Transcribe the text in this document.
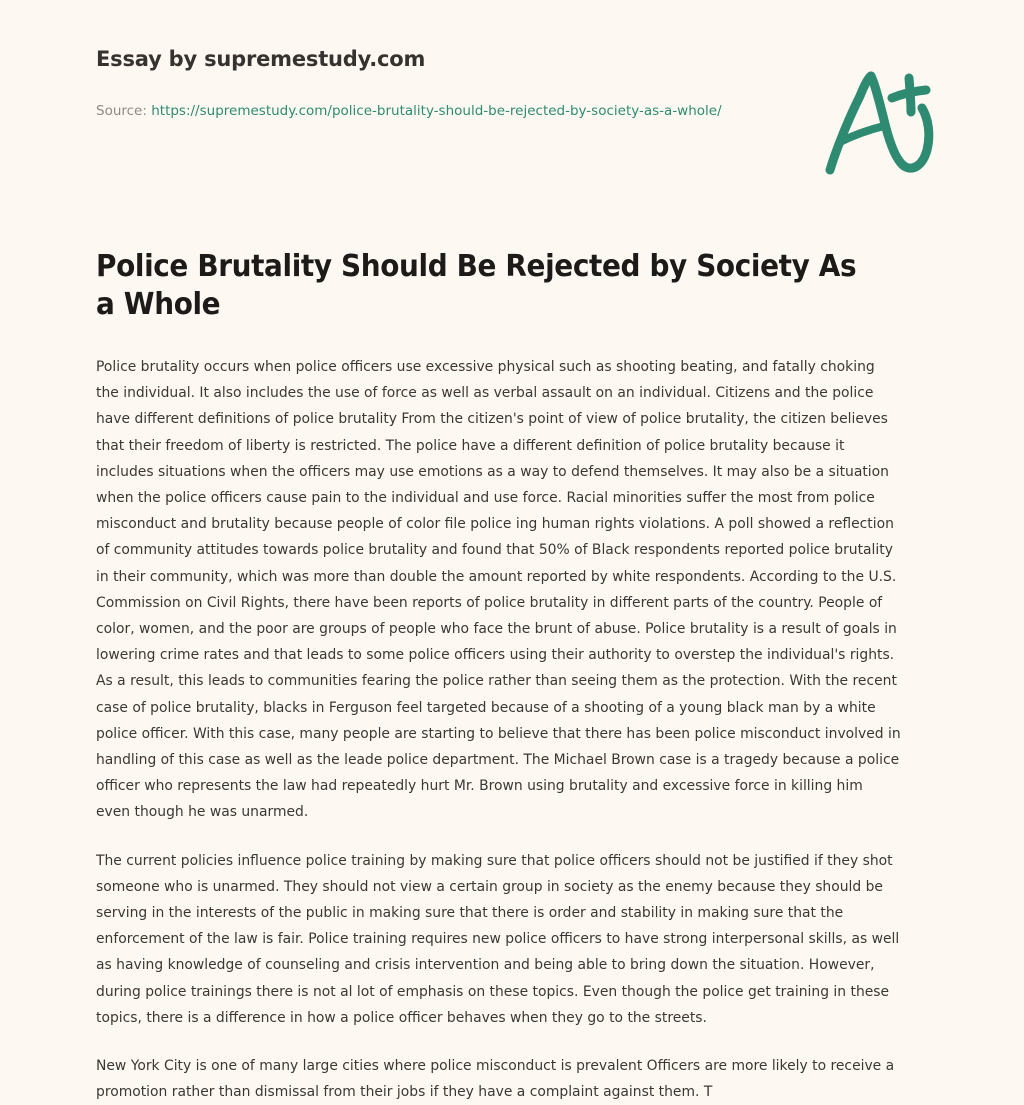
Essay by supremestudy.com
Source: https://supremestudy.com/police-brutality-should-be-rejected-by-society-as-a-whole/
Police Brutality Should Be Rejected by Society As a Whole

Police brutality occurs when police officers use excessive physical such as shooting beating, and fatally choking the individual. It also includes the use of force as well as verbal assault on an individual. Citizens and the police have different definitions of police brutality From the citizen's point of view of police brutality, the citizen believes that their freedom of liberty is restricted. The police have a different definition of police brutality because it includes situations when the officers may use emotions as a way to defend themselves. It may also be a situation when the police officers cause pain to the individual and use force. Racial minorities suffer the most from police misconduct and brutality because people of color file police ing human rights violations. A poll showed a reflection of community attitudes towards police brutality and found that 50% of Black respondents reported police brutality in their community, which was more than double the amount reported by white respondents. According to the U.S. Commission on Civil Rights, there have been reports of police brutality in different parts of the country. People of color, women, and the poor are groups of people who face the brunt of abuse. Police brutality is a result of goals in lowering crime rates and that leads to some police officers using their authority to overstep the individual's rights. As a result, this leads to communities fearing the police rather than seeing them as the protection. With the recent case of police brutality, blacks in Ferguson feel targeted because of a shooting of a young black man by a white police officer. With this case, many people are starting to believe that there has been police misconduct involved in handling of this case as well as the leade police department. The Michael Brown case is a tragedy because a police officer who represents the law had repeatedly hurt Mr. Brown using brutality and excessive force in killing him even though he was unarmed.

The current policies influence police training by making sure that police officers should not be justified if they shot someone who is unarmed. They should not view a certain group in society as the enemy because they should be serving in the interests of the public in making sure that there is order and stability in making sure that the enforcement of the law is fair. Police training requires new police officers to have strong interpersonal skills, as well as having knowledge of counseling and crisis intervention and being able to bring down the situation. However, during police trainings there is not al lot of emphasis on these topics. Even though the police get training in these topics, there is a difference in how a police officer behaves when they go to the streets.

New York City is one of many large cities where police misconduct is prevalent Officers are more likely to receive a promotion rather than dismissal from their jobs if they have a complaint against them. T
